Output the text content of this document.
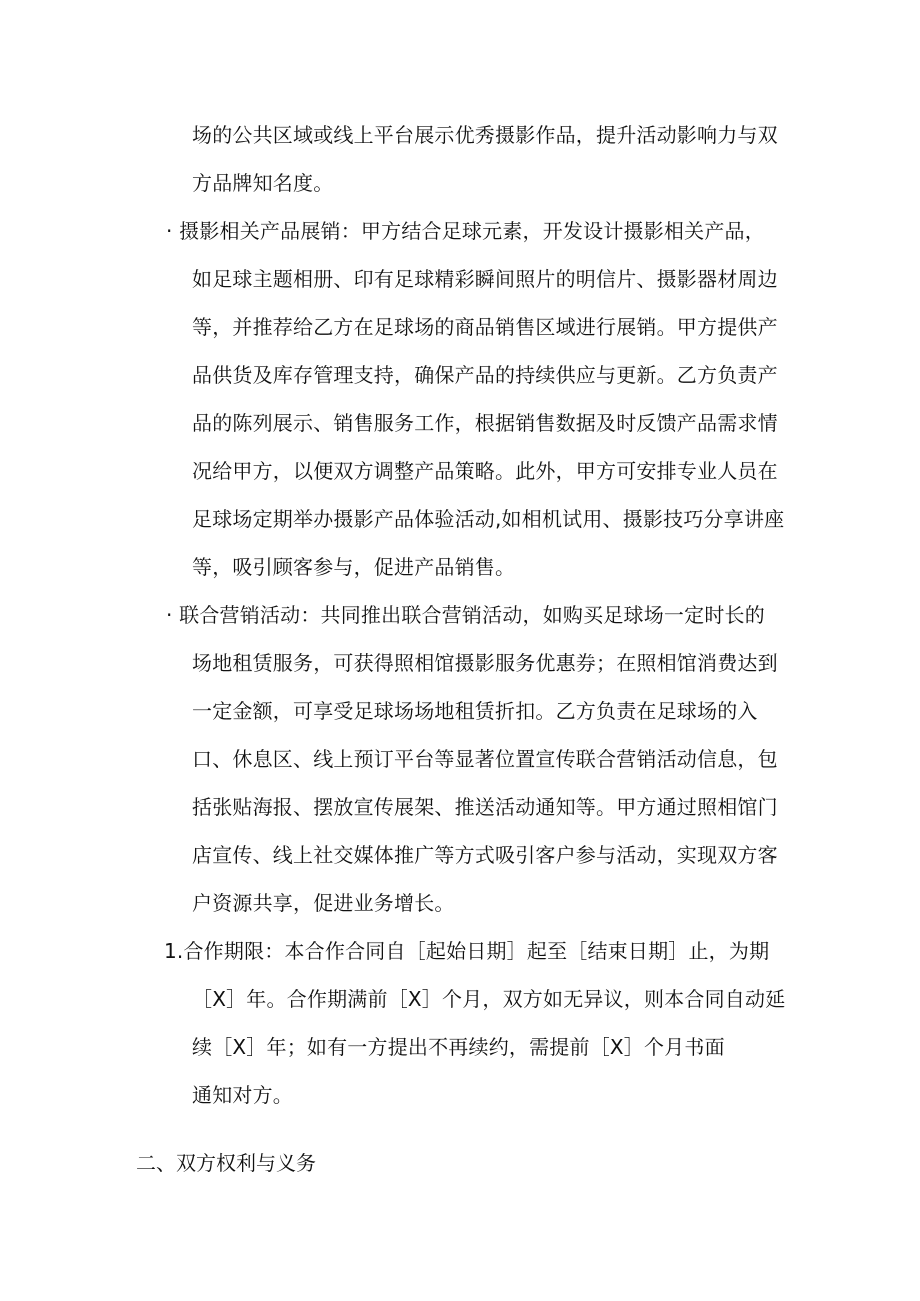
场的公共区域或线上平台展示优秀摄影作品，提升活动影响力与双
方品牌知名度。
· 摄影相关产品展销：甲方结合足球元素，开发设计摄影相关产品，
如足球主题相册、印有足球精彩瞬间照片的明信片、摄影器材周边
等，并推荐给乙方在足球场的商品销售区域进行展销。甲方提供产
品供货及库存管理支持，确保产品的持续供应与更新。乙方负责产
品的陈列展示、销售服务工作，根据销售数据及时反馈产品需求情
况给甲方，以便双方调整产品策略。此外，甲方可安排专业人员在
足球场定期举办摄影产品体验活动,如相机试用、摄影技巧分享讲座
等，吸引顾客参与，促进产品销售。
· 联合营销活动：共同推出联合营销活动，如购买足球场一定时长的
场地租赁服务，可获得照相馆摄影服务优惠券；在照相馆消费达到
一定金额，可享受足球场场地租赁折扣。乙方负责在足球场的入
口、休息区、线上预订平台等显著位置宣传联合营销活动信息，包
括张贴海报、摆放宣传展架、推送活动通知等。甲方通过照相馆门
店宣传、线上社交媒体推广等方式吸引客户参与活动，实现双方客
户资源共享，促进业务增长。
1.合作期限：本合作合同自［起始日期］起至［结束日期］止，为期
［X］年。合作期满前［X］个月，双方如无异议，则本合同自动延
续［X］年；如有一方提出不再续约，需提前［X］个月书面
通知对方。
二、双方权利与义务
